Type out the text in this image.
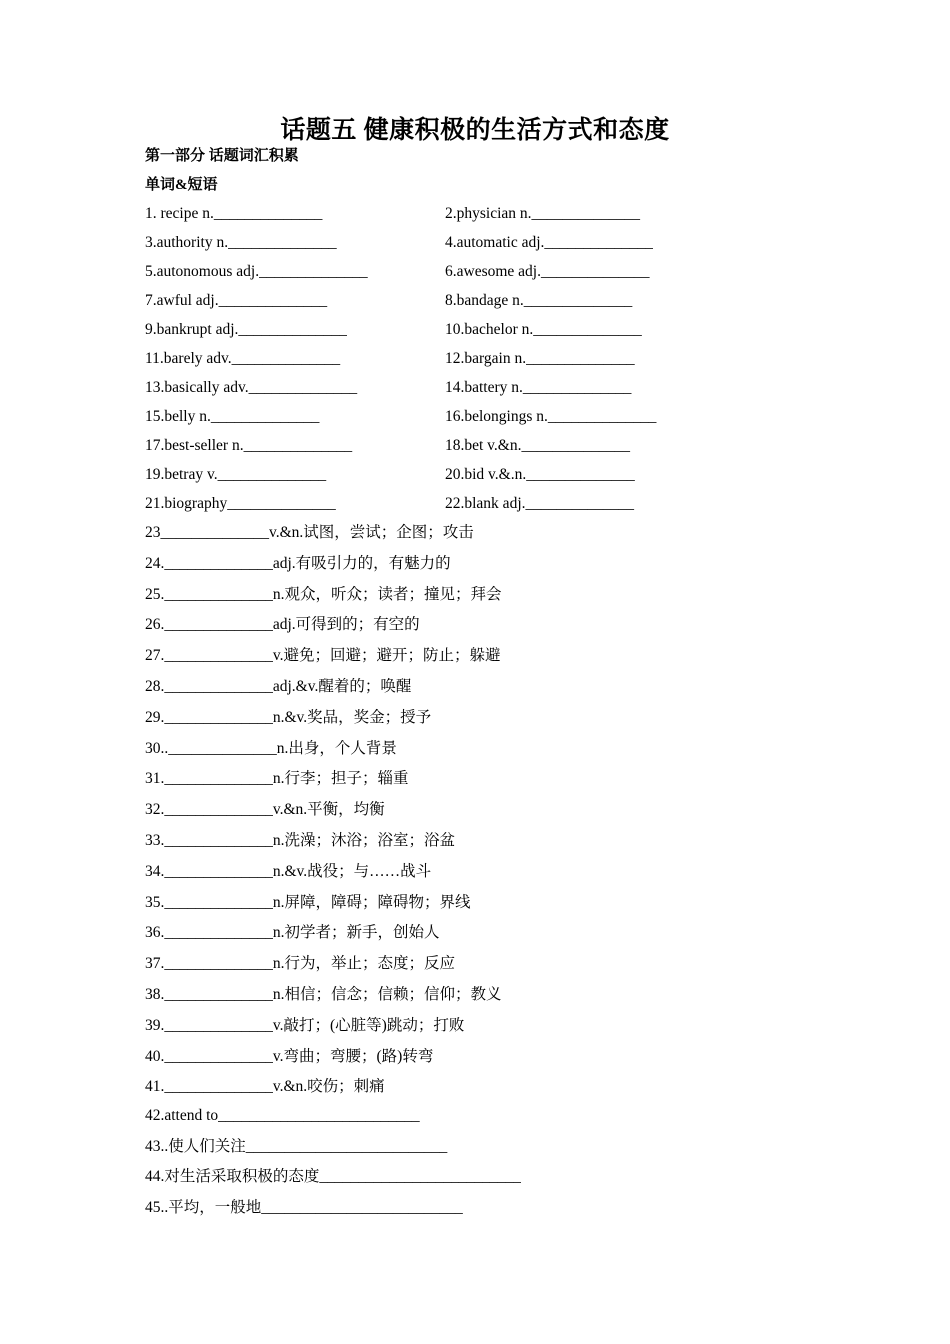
话题五 健康积极的生活方式和态度
第一部分 话题词汇积累
单词&短语
1. recipe n.______________	2.physician n.______________
3.authority n.______________	4.automatic adj.______________
5.autonomous adj.______________	6.awesome adj.______________
7.awful adj.______________	8.bandage n.______________
9.bankrupt adj.______________	10.bachelor n.______________
11.barely adv.______________	12.bargain n.______________
13.basically adv.______________	14.battery n.______________
15.belly n.______________	16.belongings n.______________
17.best-seller n.______________	18.bet v.&n.______________
19.betray v.______________	20.bid v.&.n.______________
21.biography______________	22.blank adj.______________
23______________v.&n.试图，尝试；企图；攻击
24.______________adj.有吸引力的，有魅力的
25.______________n.观众，听众；读者；撞见；拜会
26.______________adj.可得到的；有空的
27.______________v.避免；回避；避开；防止；躲避
28.______________adj.&v.醒着的；唤醒
29.______________n.&v.奖品，奖金；授予
30..______________n.出身，个人背景
31.______________n.行李；担子；辎重
32.______________v.&n.平衡，均衡
33.______________n.洗澡；沐浴；浴室；浴盆
34.______________n.&v.战役；与……战斗
35.______________n.屏障，障碍；障碍物；界线
36.______________n.初学者；新手，创始人
37.______________n.行为，举止；态度；反应
38.______________n.相信；信念；信赖；信仰；教义
39.______________v.敲打；(心脏等)跳动；打败
40.______________v.弯曲；弯腰；(路)转弯
41.______________v.&n.咬伤；刺痛
42.attend to__________________________
43..使人们关注__________________________
44.对生活采取积极的态度__________________________
45..平均，一般地__________________________
